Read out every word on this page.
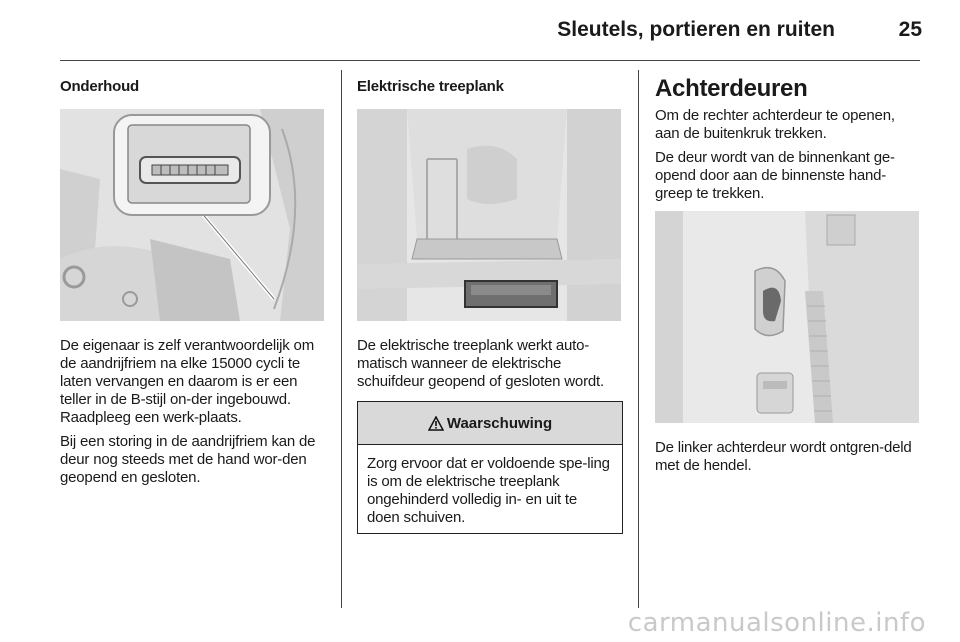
Sleutels, portieren en ruiten	25
Onderhoud

De eigenaar is zelf verantwoordelijk om de aandrijfriem na elke 15000 cycli te laten vervangen en daarom is er een teller in de B-stijl on-der ingebouwd. Raadpleeg een werk-plaats.

Bij een storing in de aandrijfriem kan de deur nog steeds met de hand wor-den geopend en gesloten.

Elektrische treeplank

De elektrische treeplank werkt auto-matisch wanneer de elektrische schuifdeur geopend of gesloten wordt.

Waarschuwing

Zorg ervoor dat er voldoende spe-ling is om de elektrische treeplank ongehinderd volledig in- en uit te doen schuiven.

Achterdeuren

Om de rechter achterdeur te openen, aan de buitenkruk trekken.

De deur wordt van de binnenkant ge-opend door aan de binnenste hand-greep te trekken.

De linker achterdeur wordt ontgren-deld met de hendel.

carmanualsonline.info
